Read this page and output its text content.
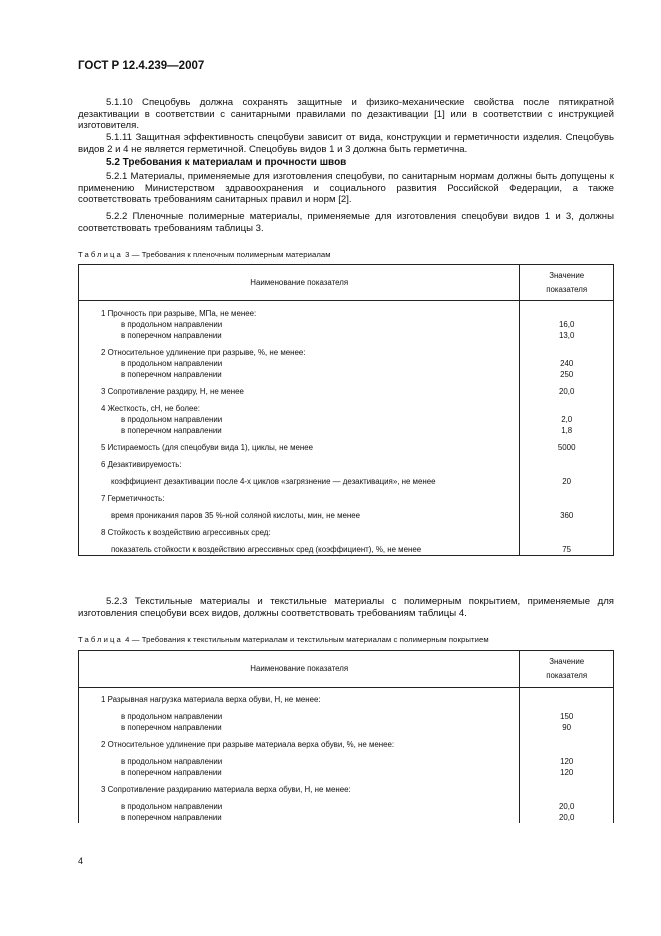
ГОСТ Р 12.4.239—2007
5.1.10 Спецобувь должна сохранять защитные и физико-механические свойства после пятикратной дезактивации в соответствии с санитарными правилами по дезактивации [1] или в соответствии с инструкцией изготовителя.
5.1.11 Защитная эффективность спецобуви зависит от вида, конструкции и герметичности изделия. Спецобувь видов 2 и 4 не является герметичной. Спецобувь видов 1 и 3 должна быть герметична.
5.2 Требования к материалам и прочности швов
5.2.1 Материалы, применяемые для изготовления спецобуви, по санитарным нормам должны быть допущены к применению Министерством здравоохранения и социального развития Российской Федерации, а также соответствовать требованиям санитарных правил и норм [2].
5.2.2 Пленочные полимерные материалы, применяемые для изготовления спецобуви видов 1 и 3, должны соответствовать требованиям таблицы 3.
Таблица 3 — Требования к пленочным полимерным материалам
Наименование показателя	Значение
показателя

1 Прочность при разрыве, МПа, не менее:	

в продольном направлении	16,0

в поперечном направлении	13,0

2 Относительное удлинение при разрыве, %, не менее:	

в продольном направлении	240

в поперечном направлении	250

3 Сопротивление раздиру, Н, не менее	20,0

4 Жесткость, сН, не более:	

в продольном направлении	2,0

в поперечном направлении	1,8

5 Истираемость (для спецобуви вида 1), циклы, не менее	5000

6 Дезактивируемость:	

коэффициент дезактивации после 4-х циклов «загрязнение — дезактивация», не менее	20

7 Герметичность:	

время проникания паров 35 %-ной соляной кислоты, мин, не менее	360

8 Стойкость к воздействию агрессивных сред:	

показатель стойкости к воздействию агрессивных сред (коэффициент), %, не менее	75
5.2.3 Текстильные материалы и текстильные материалы с полимерным покрытием, применяемые для изготовления спецобуви всех видов, должны соответствовать требованиям таблицы 4.
Таблица 4 — Требования к текстильным материалам и текстильным материалам с полимерным покрытием
Наименование показателя	Значение
показателя

1 Разрывная нагрузка материала верха обуви, Н, не менее:	

в продольном направлении	150

в поперечном направлении	90

2 Относительное удлинение при разрыве материала верха обуви, %, не менее:	

в продольном направлении	120

в поперечном направлении	120

3 Сопротивление раздиранию материала верха обуви, Н, не менее:	

в продольном направлении	20,0

в поперечном направлении	20,0
4
